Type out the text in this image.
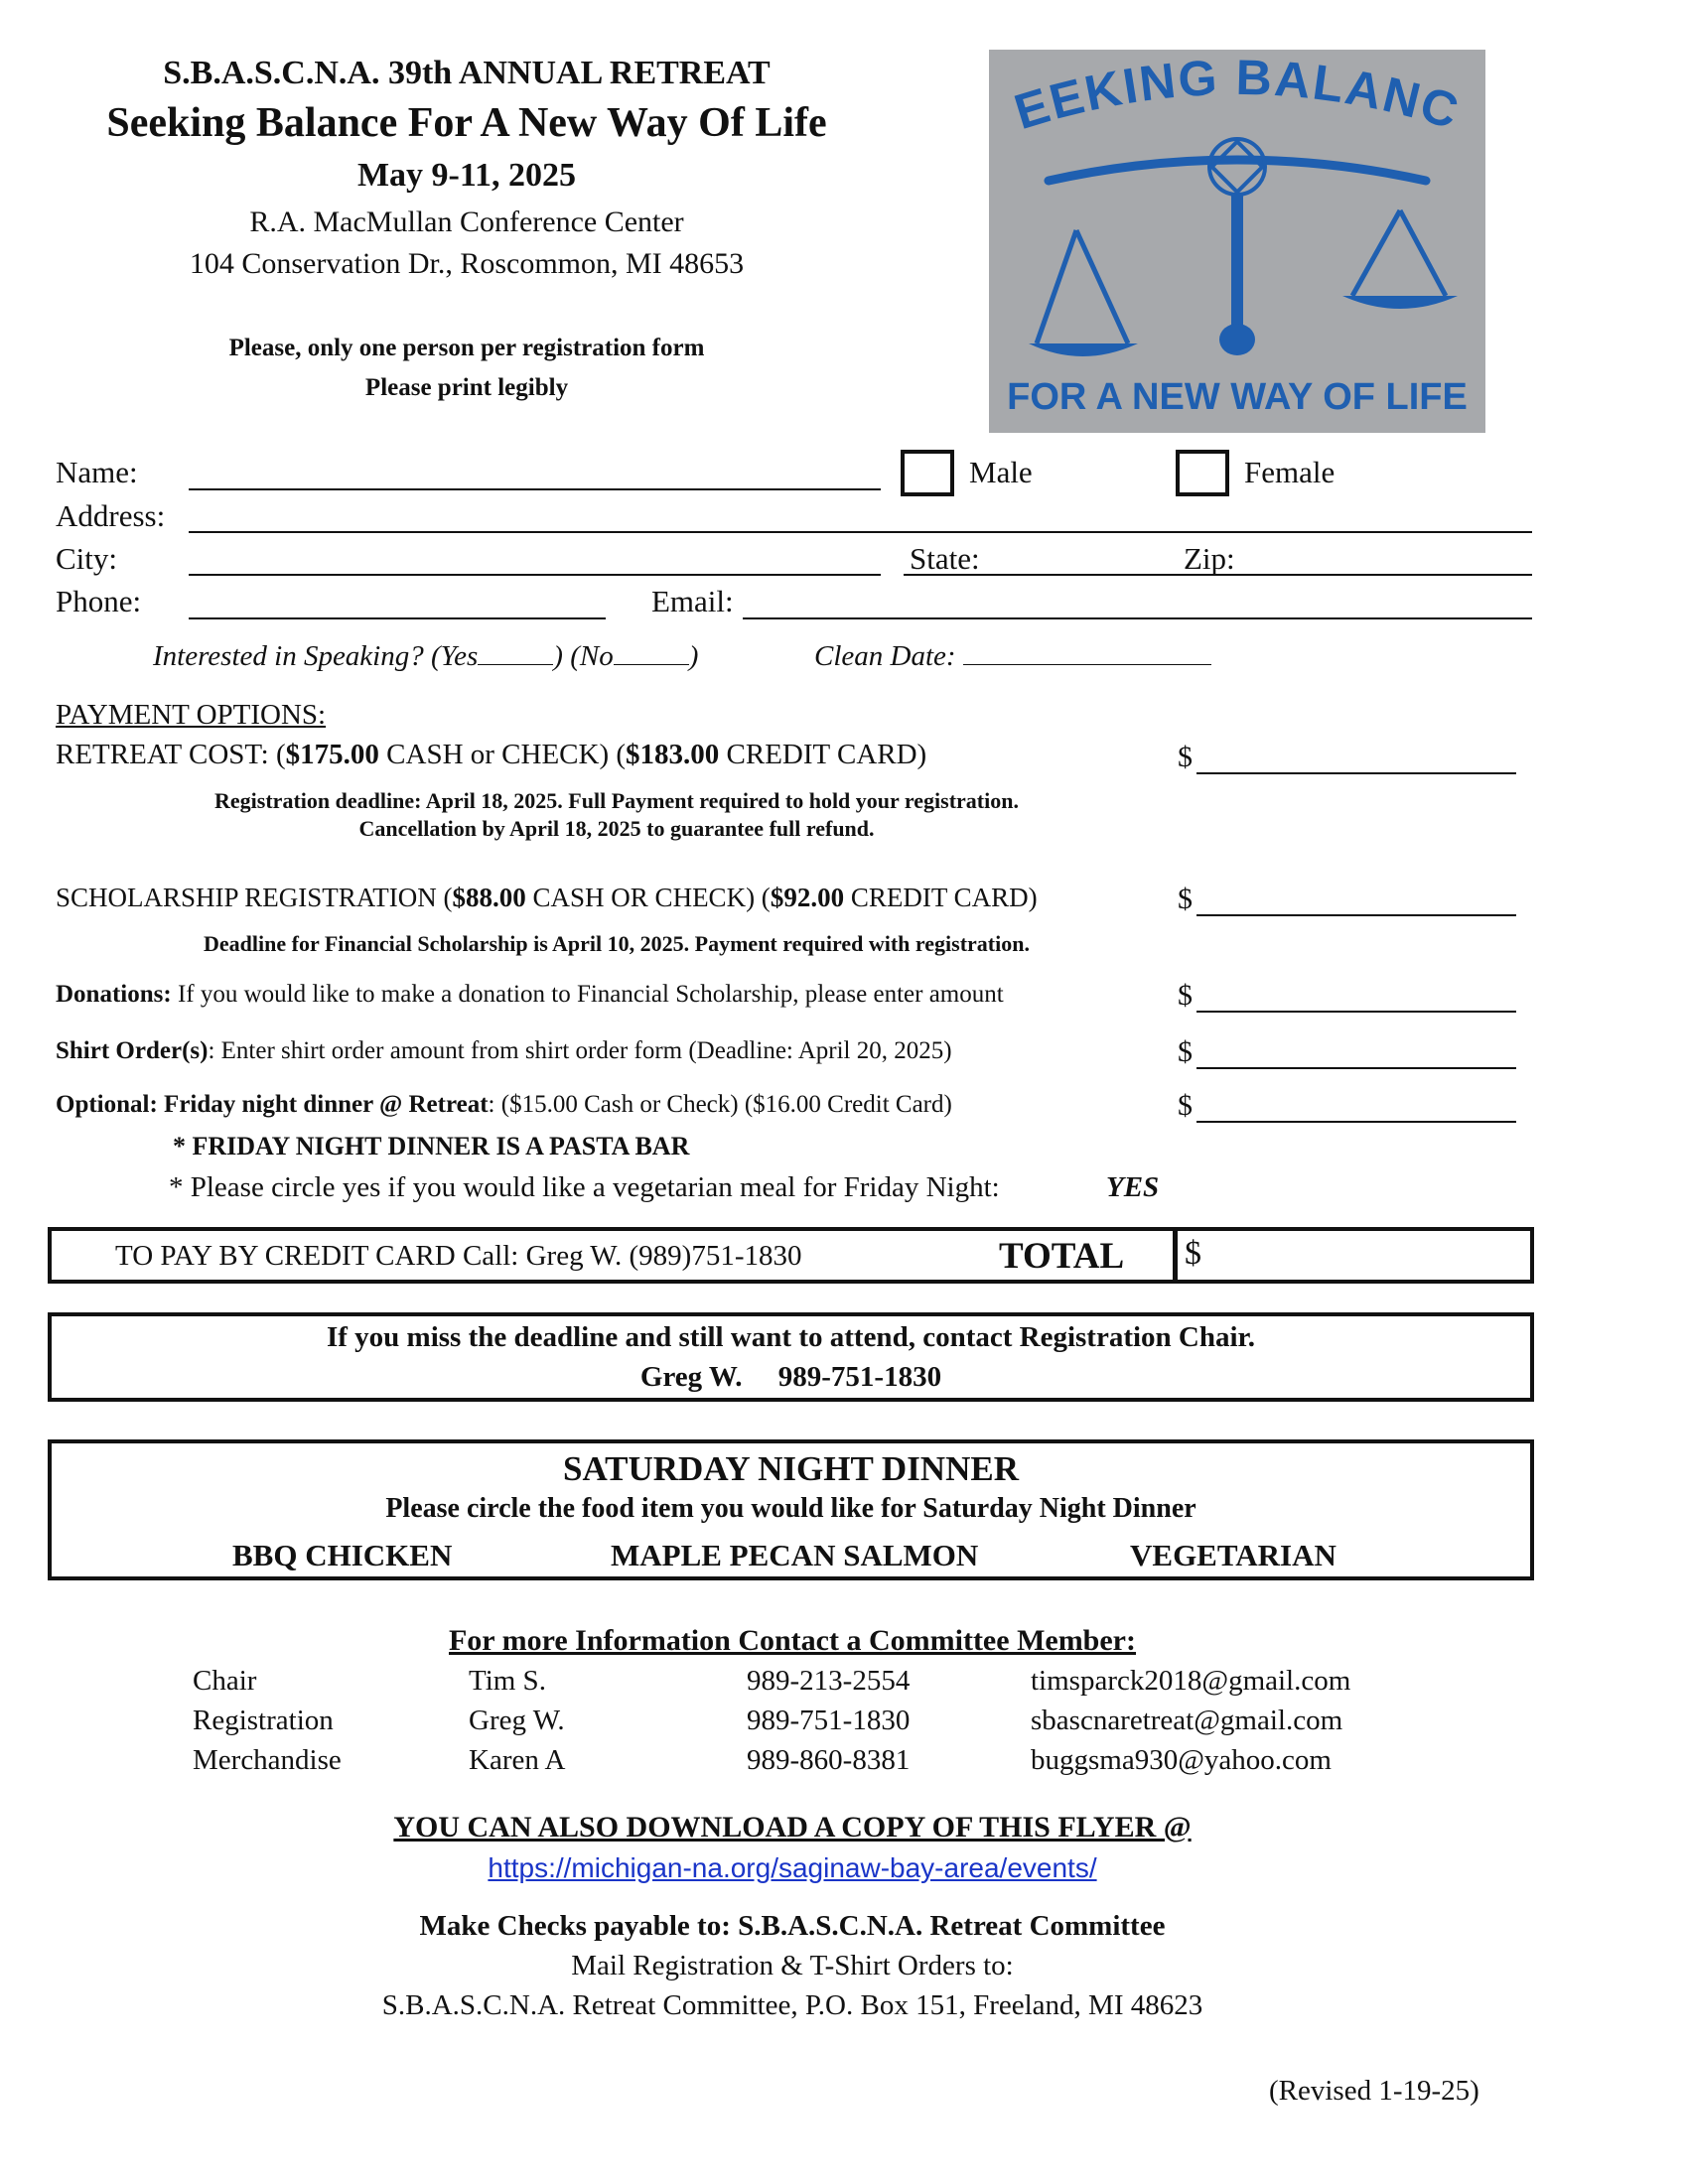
S.B.A.S.C.N.A. 39th ANNUAL RETREAT
Seeking Balance For A New Way Of Life
May 9-11, 2025
R.A. MacMullan Conference Center
104 Conservation Dr., Roscommon, MI 48653
Please, only one person per registration form
Please print legibly
EEKING BALANC
FOR A NEW WAY OF LIFE
Name:	Male	Female
Address:
City:	State:	Zip:
Phone:	Email:
Interested in Speaking? (Yes	) (No	)	Clean Date:
PAYMENT OPTIONS:
RETREAT COST: ($175.00 CASH or CHECK) ($183.00 CREDIT CARD)	$
Registration deadline: April 18, 2025. Full Payment required to hold your registration.
Cancellation by April 18, 2025 to guarantee full refund.
SCHOLARSHIP REGISTRATION ($88.00 CASH OR CHECK) ($92.00 CREDIT CARD)	$
Deadline for Financial Scholarship is April 10, 2025. Payment required with registration.
Donations: If you would like to make a donation to Financial Scholarship, please enter amount	$
Shirt Order(s): Enter shirt order amount from shirt order form (Deadline: April 20, 2025)	$
Optional: Friday night dinner @ Retreat: ($15.00 Cash or Check) ($16.00 Credit Card)	$
* FRIDAY NIGHT DINNER IS A PASTA BAR
* Please circle yes if you would like a vegetarian meal for Friday Night:	YES
TO PAY BY CREDIT CARD Call: Greg W. (989)751-1830	TOTAL $
If you miss the deadline and still want to attend, contact Registration Chair.
Greg W. 989-751-1830
SATURDAY NIGHT DINNER
Please circle the food item you would like for Saturday Night Dinner
BBQ CHICKEN	MAPLE PECAN SALMON	VEGETARIAN
For more Information Contact a Committee Member:
Chair	Tim S.	989-213-2554	timsparck2018@gmail.com
Registration	Greg W.	989-751-1830	sbascnaretreat@gmail.com
Merchandise	Karen A	989-860-8381	buggsma930@yahoo.com
YOU CAN ALSO DOWNLOAD A COPY OF THIS FLYER @
https://michigan-na.org/saginaw-bay-area/events/
Make Checks payable to: S.B.A.S.C.N.A. Retreat Committee
Mail Registration & T-Shirt Orders to:
S.B.A.S.C.N.A. Retreat Committee, P.O. Box 151, Freeland, MI 48623
(Revised 1-19-25)
